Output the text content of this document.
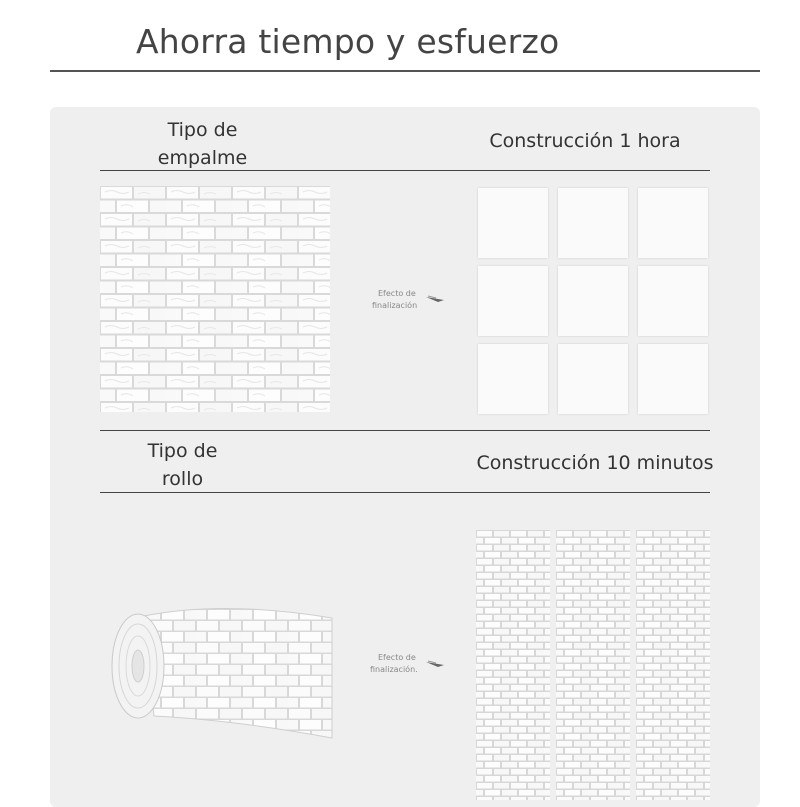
Ahorra tiempo y esfuerzo
Tipo de
empalme
Construcción 1 hora
Efecto de
finalización
Tipo de
rollo
Construcción 10 minutos
Efecto de
finalización.
